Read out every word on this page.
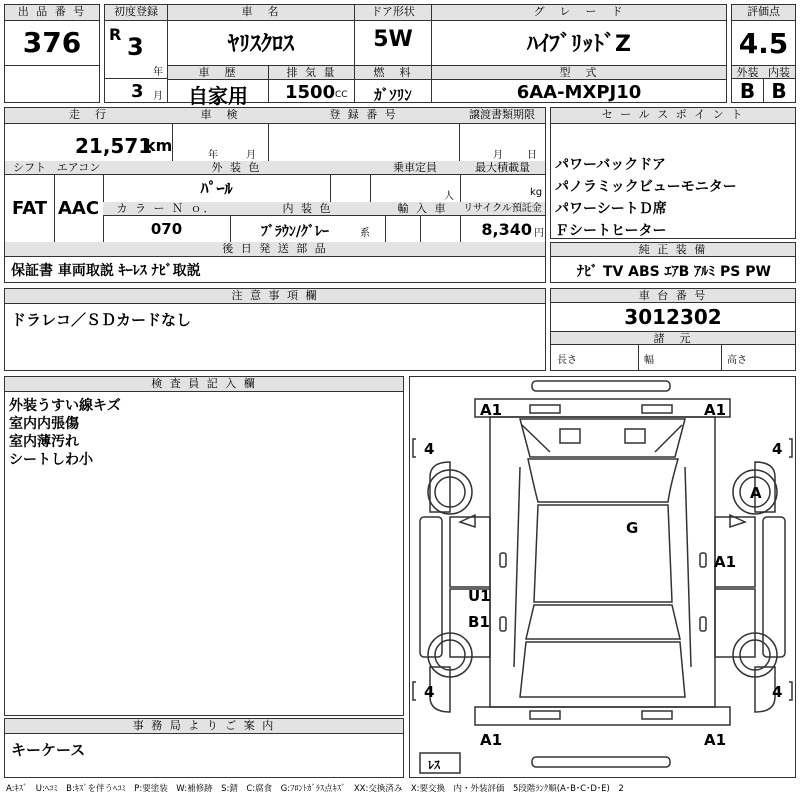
出 品 番 号
376
初度登録
R 3
年
3 月
車　名
ﾔﾘｽｸﾛｽ
ドア形状
5W
グ　レ　ー　ド
ﾊｲﾌﾞﾘｯﾄﾞZ
車　歴
自家用
排 気 量
1500 CC
燃　料
ｶﾞｿﾘﾝ
型　式
6AA-MXPJ10
評価点
4.5
外装 内装
B B
走　行	車　検	登 録 番 号	譲渡書類期限
21,571
km
年	月	月 日
シフト エアコン
FAT AAC
外 装 色
ﾊﾟｰﾙ
乗車定員	最大積載量
人	kg
カ ラ ー Ｎ ｏ．	内 装 色	輸 入 車	リサイクル預託金
070	ﾌﾞﾗｳﾝ/ｸﾞﾚｰ	系	8,340 円
後 日 発 送 部 品
保証書 車両取説 ｷｰﾚｽ ﾅﾋﾞ取説
セ ー ル ス ポ イ ン ト
パワーバックドア
パノラミックビューモニター
パワーシートＤ席
Ｆシートヒーター
純 正 装 備
ﾅﾋﾞ TV ABS ｴｱB ｱﾙﾐ PS PW
注 意 事 項 欄
ドラレコ／ＳＤカードなし
車 台 番 号
3012302
諸　元
長さ	幅	高さ
検 査 員 記 入 欄
外装うすい線キズ
室内内張傷
室内薄汚れ
シートしわ小
事 務 局 よ り ご 案 内
キーケース
A1	A1
A1	A1
4	4
4	4
A
G
A1
U1
B1
ﾚｽ
A:ｷｽﾞ　U:ﾍｺﾐ　B:ｷｽﾞを伴うﾍｺﾐ　P:要塗装　W:補修跡　S:錆　C:腐食　G:ﾌﾛﾝﾄｶﾞﾗｽ点ｷｽﾞ　XX:交換済み　X:要交換　内・外装評価　5段階ﾗﾝｸ順(A･B･C･D･E)　2
